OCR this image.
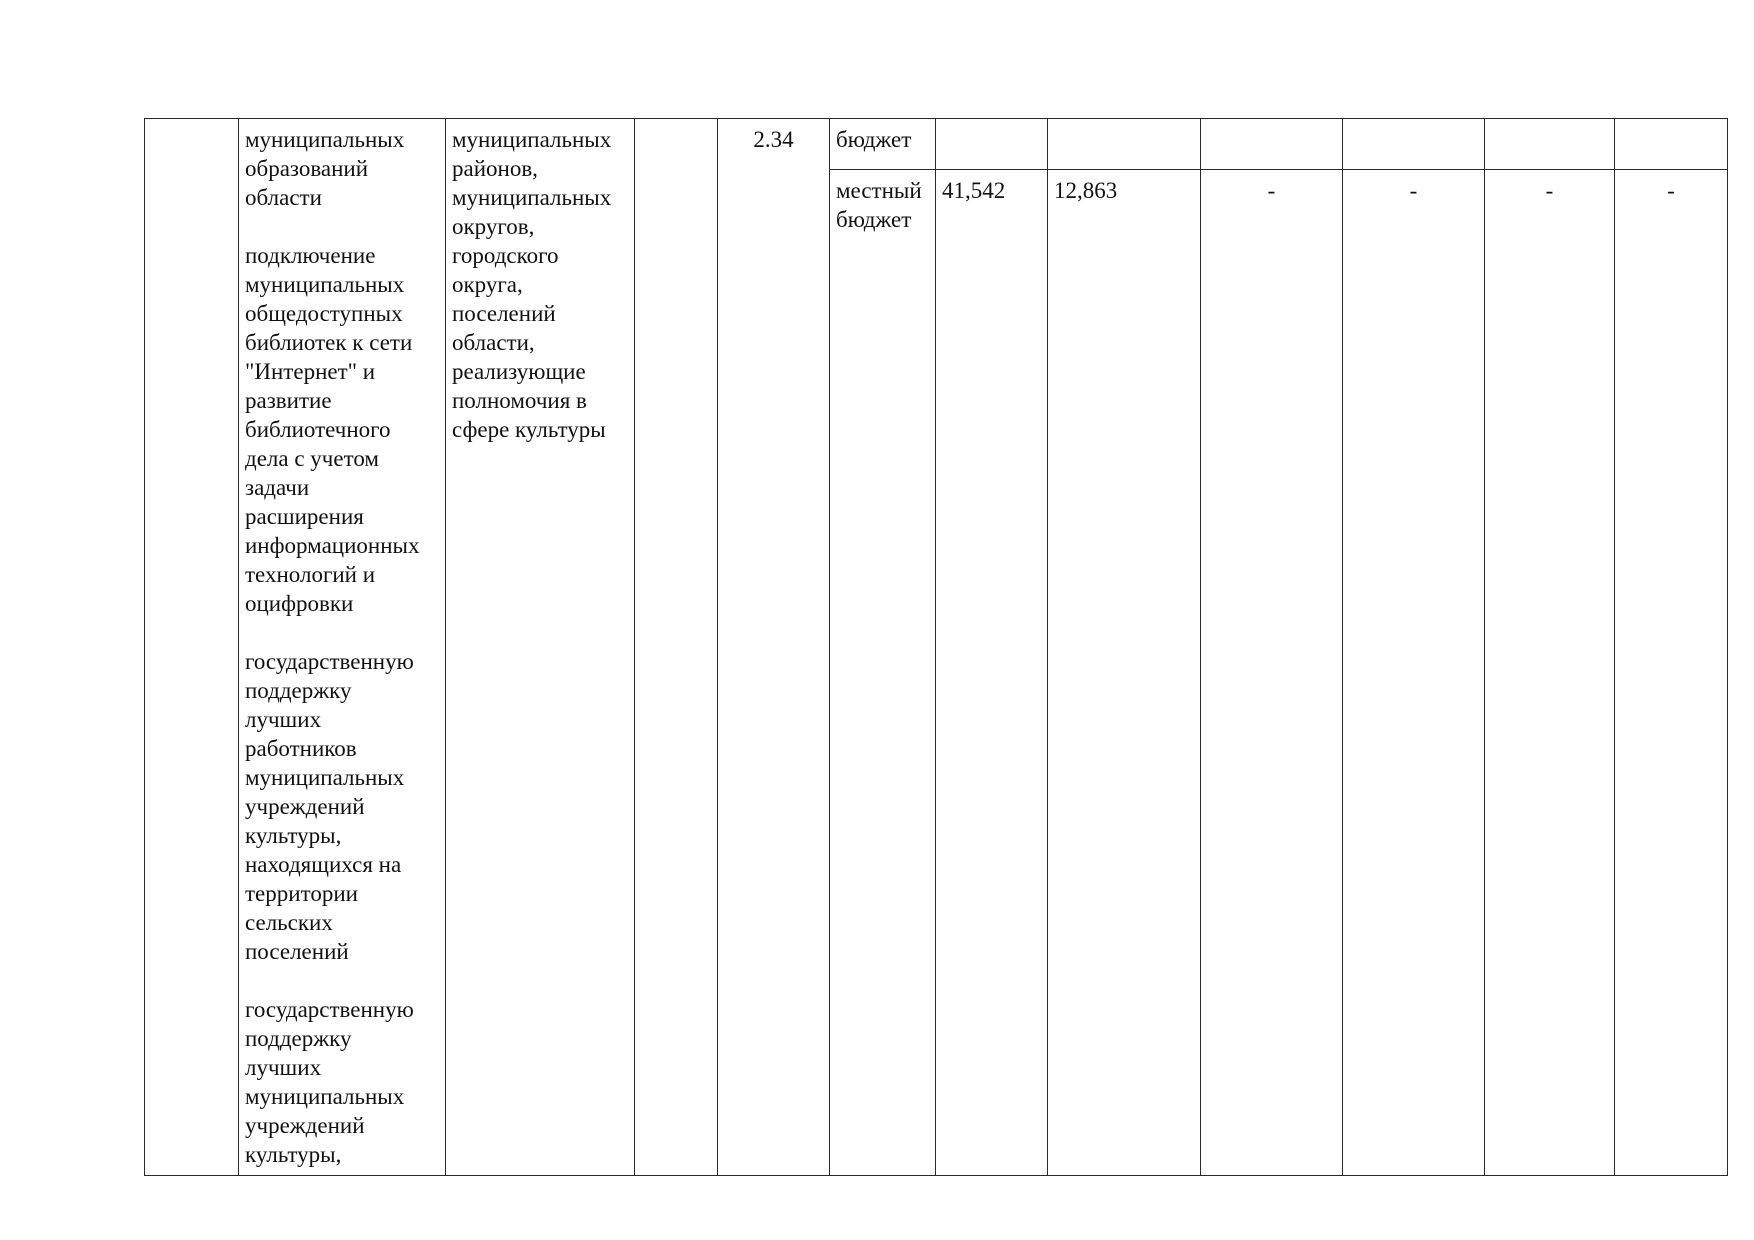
	муниципальных
образований
области

подключение
муниципальных
общедоступных
библиотек к сети
"Интернет" и
развитие
библиотечного
дела с учетом
задачи
расширения
информационных
технологий и
оцифровки

государственную
поддержку
лучших
работников
муниципальных
учреждений
культуры,
находящихся на
территории
сельских
поселений

государственную
поддержку
лучших
муниципальных
учреждений
культуры,	муниципальных
районов,
муниципальных
округов,
городского
округа,
поселений
области,
реализующие
полномочия в
сфере культуры		2.34	бюджет						
					местный
бюджет	41,542	12,863	-	-	-	-
